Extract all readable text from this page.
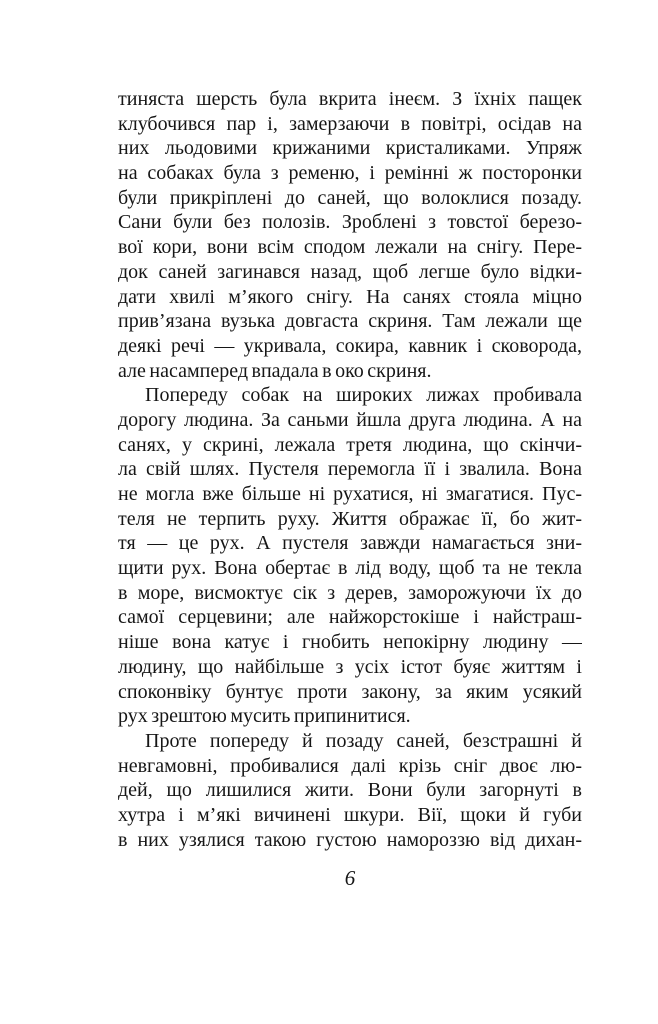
тиняста шерсть була вкрита інеєм. З їхніх пащек
клубочився пар і, замерзаючи в повітрі, осідав на
них льодовими крижаними кристаликами. Упряж
на собаках була з ременю, і ремінні ж посторонки
були прикріплені до саней, що волоклися позаду.
Сани були без полозів. Зроблені з товстої березо-
вої кори, вони всім сподом лежали на снігу. Пере-
док саней загинався назад, щоб легше було відки-
дати хвилі м’якого снігу. На санях стояла міцно
прив’язана вузька довгаста скриня. Там лежали ще
деякі речі — укривала, сокира, кавник і сковорода,
але насамперед впадала в око скриня.
Попереду собак на широких лижах пробивала
дорогу людина. За саньми йшла друга людина. А на
санях, у скрині, лежала третя людина, що скінчи-
ла свій шлях. Пустеля перемогла її і звалила. Вона
не могла вже більше ні рухатися, ні змагатися. Пус-
теля не терпить руху. Життя ображає її, бо жит-
тя — це рух. А пустеля завжди намагається зни-
щити рух. Вона обертає в лід воду, щоб та не текла
в море, висмоктує сік з дерев, заморожуючи їх до
самої серцевини; але найжорстокіше і найстраш-
ніше вона катує і гнобить непокірну людину —
людину, що найбільше з усіх істот буяє життям і
споконвіку бунтує проти закону, за яким усякий
рух зрештою мусить припинитися.
Проте попереду й позаду саней, безстрашні й
невгамовні, пробивалися далі крізь сніг двоє лю-
дей, що лишилися жити. Вони були загорнуті в
хутра і м’які вичинені шкури. Вії, щоки й губи
в них узялися такою густою намороззю від дихан-
6
